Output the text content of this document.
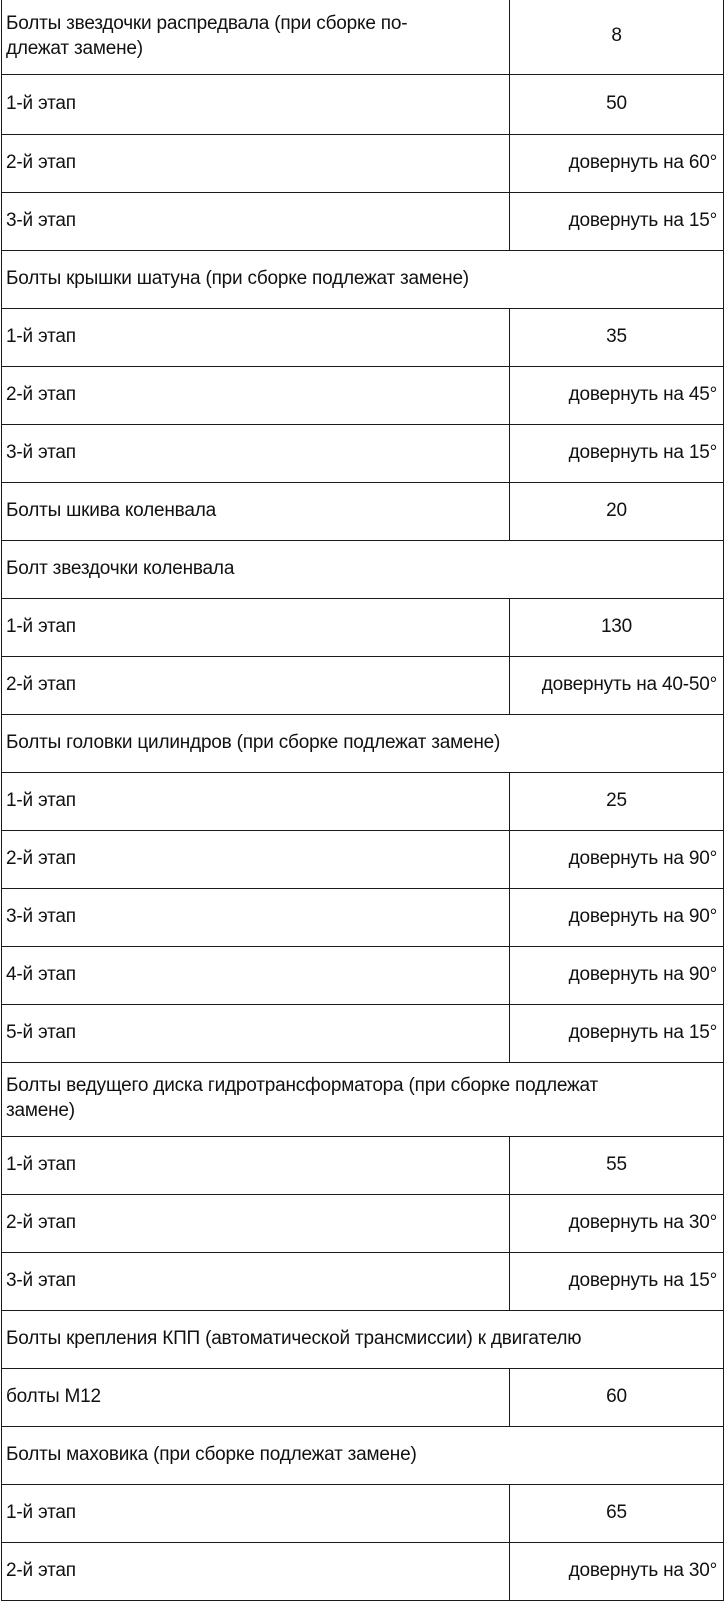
Болты звездочки распредвала (при сборке по-
длежат замене)	8
1-й этап	50
2-й этап	довернуть на 60°
3-й этап	довернуть на 15°
Болты крышки шатуна (при сборке подлежат замене)	
1-й этап	35
2-й этап	довернуть на 45°
3-й этап	довернуть на 15°
Болты шкива коленвала	20
Болт звездочки коленвала	
1-й этап	130
2-й этап	довернуть на 40-50°
Болты головки цилиндров (при сборке подлежат замене)	
1-й этап	25
2-й этап	довернуть на 90°
3-й этап	довернуть на 90°
4-й этап	довернуть на 90°
5-й этап	довернуть на 15°
Болты ведущего диска гидротрансформатора (при сборке подлежат
замене)	
1-й этап	55
2-й этап	довернуть на 30°
3-й этап	довернуть на 15°
Болты крепления КПП (автоматической трансмиссии) к двигателю	
болты М12	60
Болты маховика (при сборке подлежат замене)	
1-й этап	65
2-й этап	довернуть на 30°
